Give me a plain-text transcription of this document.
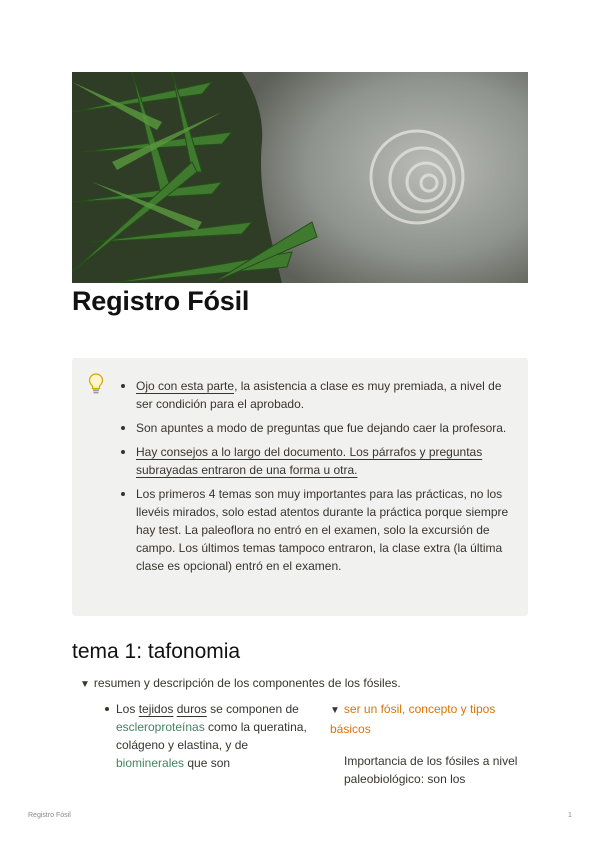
Registro Fósil
Ojo con esta parte, la asistencia a clase es muy premiada, a nivel de ser condición para el aprobado.
Son apuntes a modo de preguntas que fue dejando caer la profesora.
Hay consejos a lo largo del documento. Los párrafos y preguntas subrayadas entraron de una forma u otra.
Los primeros 4 temas son muy importantes para las prácticas, no los llevéis mirados, solo estad atentos durante la práctica porque siempre hay test. La paleoflora no entró en el examen, solo la excursión de campo. Los últimos temas tampoco entraron, la clase extra (la última clase es opcional) entró en el examen.
tema 1: tafonomia
▼ resumen y descripción de los componentes de los fósiles.
Los tejidos duros se componen de escleroproteínas como la queratina, colágeno y elastina, y de biominerales que son
▼ ser un fósil, concepto y tipos básicos
Importancia de los fósiles a nivel paleobiológico: son los
Registro Fósil	1
